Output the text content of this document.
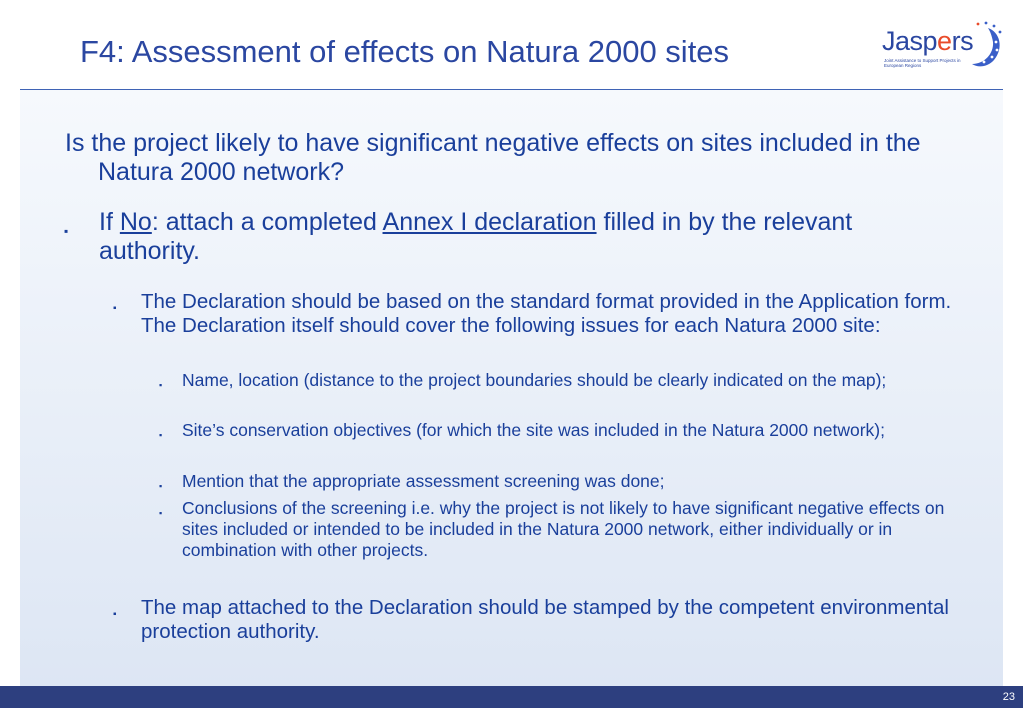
F4: Assessment of effects on Natura 2000 sites	Jaspers
Joint Assistance to Support Projects in European Regions
Is the project likely to have significant negative effects on sites included in the Natura 2000 network?
▪ If No: attach a completed Annex I declaration filled in by the relevant authority.
▪ The Declaration should be based on the standard format provided in the Application form. The Declaration itself should cover the following issues for each Natura 2000 site:
▪ Name, location (distance to the project boundaries should be clearly indicated on the map);
▪ Site’s conservation objectives (for which the site was included in the Natura 2000 network);
▪ Mention that the appropriate assessment screening was done;
▪ Conclusions of the screening i.e. why the project is not likely to have significant negative effects on sites included or intended to be included in the Natura 2000 network, either individually or in combination with other projects.
▪ The map attached to the Declaration should be stamped by the competent environmental protection authority.
23
